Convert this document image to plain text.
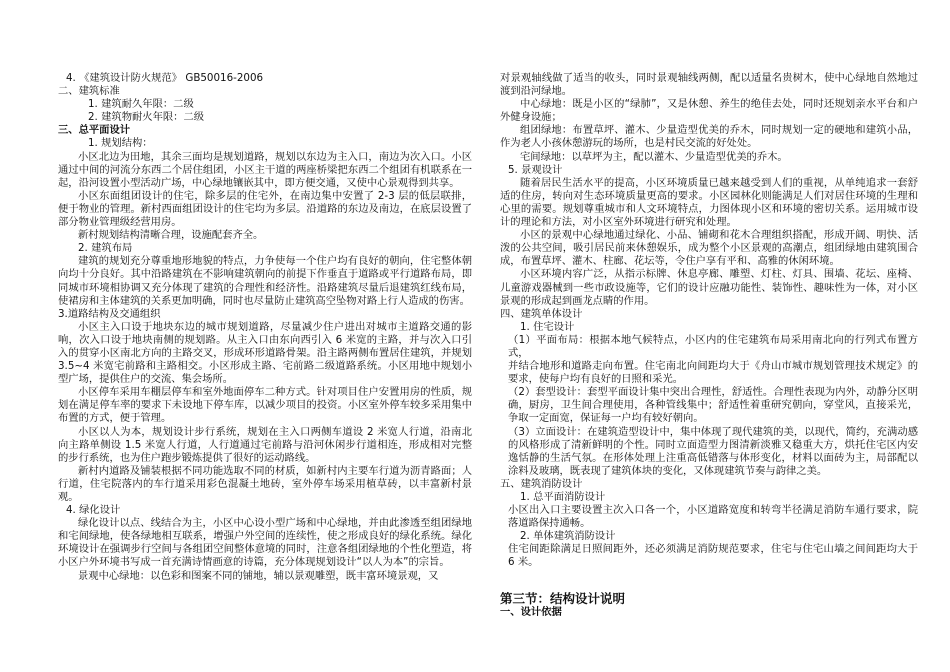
4. 《建筑设计防火规范》 GB50016-2006

二、建筑标准

1. 建筑耐久年限：二级

2. 建筑物耐火年限：二级

三、总平面设计

1. 规划结构：

小区北边为田地，其余三面均是规划道路，规划以东边为主入口，南边为次入口。小区通过中间的河流分东西二个居住组团，小区主干道的两座桥梁把东西二个组团有机联系在一起，沿河设置小型活动广场，中心绿地镶嵌其中，即方便交通，又使中心景观得到共享。

小区东面组团设计的住宅，除多层的住宅外，在南边集中安置了 2-3 层的低层联排，便于物业的管理。新村西面组团设计的住宅均为多层。沿道路的东边及南边，在底层设置了部分物业管理级经营用房。

新村规划结构清晰合理，设施配套齐全。

2. 建筑布局

建筑的规划充分尊重地形地貌的特点，力争使每一个住户均有良好的朝向，住宅整体朝向均十分良好。其中沿路建筑在不影响建筑朝向的前提下作垂直于道路或平行道路布局，即同城市环境相协调又充分体现了建筑的合理性和经济性。沿路建筑尽量后退建筑红线布局，使裙房和主体建筑的关系更加明确，同时也尽量防止建筑高空坠物对路上行人造成的伤害。

3.道路结构及交通组织

小区主入口设于地块东边的城市规划道路，尽量减少住户进出对城市主道路交通的影响，次入口设于地块南侧的规划路。从主入口由东向西引入 6 米宽的主路，并与次入口引入的贯穿小区南北方向的主路交叉，形成环形道路骨架。沿主路两侧布置居住建筑，并规划 3.5~4 米宽宅前路和主路相交。小区形成主路、宅前路二级道路系统。小区用地中规划小型广场，提供住户的交流、集会场所。

小区停车采用车棚层停车和室外地面停车二种方式。针对项目住户安置用房的性质，规划在满足停车率的要求下未设地下停车库，以减少项目的投资。小区室外停车较多采用集中布置的方式，便于管理。

小区以人为本，规划设计步行系统，规划在主入口两侧车道设 2 米宽人行道，沿南北向主路单侧设 1.5 米宽人行道，人行道通过宅前路与沿河休闲步行道相连，形成相对完整的步行系统，也为住户跑步锻炼提供了很好的运动路线。

新村内道路及铺装根据不同功能选取不同的材质，如新村内主要车行道为沥青路面；人行道，住宅院落内的车行道采用彩色混凝土地砖，室外停车场采用植草砖，以丰富新村景观。

4. 绿化设计

绿化设计以点、线结合为主，小区中心设小型广场和中心绿地，并由此渗透至组团绿地和宅间绿地，使各绿地相互联系，增强户外空间的连续性，使之形成良好的绿化系统。绿化环境设计在强调步行空间与各组团空间整体意境的同时，注意各组团绿地的个性化塑造，将小区户外环境书写成一首充满诗情画意的诗篇，充分体现规划设计“以人为本”的宗旨。

景观中心绿地：以色彩和图案不同的铺地，辅以景观雕塑，既丰富环境景观，又

对景观轴线做了适当的收头，同时景观轴线两侧，配以适量名贵树木，使中心绿地自然地过渡到沿河绿地。

中心绿地：既是小区的“绿肺”，又是休憩、养生的绝佳去处，同时还规划亲水平台和户外健身设施；

组团绿地：布置草坪、灌木、少量造型优美的乔木，同时规划一定的硬地和建筑小品，作为老人小孩休憩游玩的场所，也是村民交流的好处处。

宅间绿地：以草坪为主，配以灌木、少量造型优美的乔木。

5. 景观设计

随着居民生活水平的提高，小区环境质量已越来越受到人们的重视，从单纯追求一套舒适的住房，转向对生态环境质量更高的要求。小区园林化则能满足人们对居住环境的生理和心里的需要。规划尊重城市和人文环境特点，力图体现小区和环境的密切关系。运用城市设计的理论和方法，对小区室外环境进行研究和处理。

小区的景观中心绿地通过绿化、小品、铺砌和花木合理组织搭配，形成开阔、明快、活泼的公共空间，吸引居民前来休憩娱乐，成为整个小区景观的高潮点，组团绿地由建筑围合成，布置草坪、灌木、柱廊、花坛等，令住户享有平和、高雅的休闲环境。

小区环境内容广泛，从指示标牌、休息亭廊、雕塑、灯柱、灯具、围墙、花坛、座椅、儿童游戏器械到一些市政设施等，它们的设计应融功能性、装饰性、趣味性为一体，对小区景观的形成起到画龙点睛的作用。

四、建筑单体设计

1. 住宅设计

（1）平面布局：根据本地气候特点，小区内的住宅建筑布局采用南北向的行列式布置方式，

并结合地形和道路走向布置。住宅南北向间距均大于《舟山市城市规划管理技术规定》的要求，使每户均有良好的日照和采光。

（2）套型设计：套型平面设计集中突出合理性，舒适性。合理性表现为内外，动静分区明确，厨房，卫生间合理使用，各种管线集中；舒适性着重研究朝向，穿堂风，直接采光，争取一定面宽，保证每一户均有较好朝向。

（3）立面设计：在建筑造型设计中，集中体现了现代建筑的美，以现代，简约，充满动感的风格形成了清新鲜明的个性。同时立面造型力图清新淡雅又稳重大方，烘托住宅区内安逸恬静的生活气氛。在形体处理上注重高低错落与体形变化，材料以面砖为主，局部配以涂料及玻璃，既表现了建筑体块的变化，又体现建筑节奏与韵律之美。

五、建筑消防设计

1. 总平面消防设计

小区出入口主要设置主次入口各一个，小区道路宽度和转弯半径满足消防车通行要求，院落道路保持通畅。

2. 单体建筑消防设计

住宅间距除满足日照间距外，还必须满足消防规范要求，住宅与住宅山墙之间间距均大于 6 米。

第三节：结构设计说明

一、设计依据
